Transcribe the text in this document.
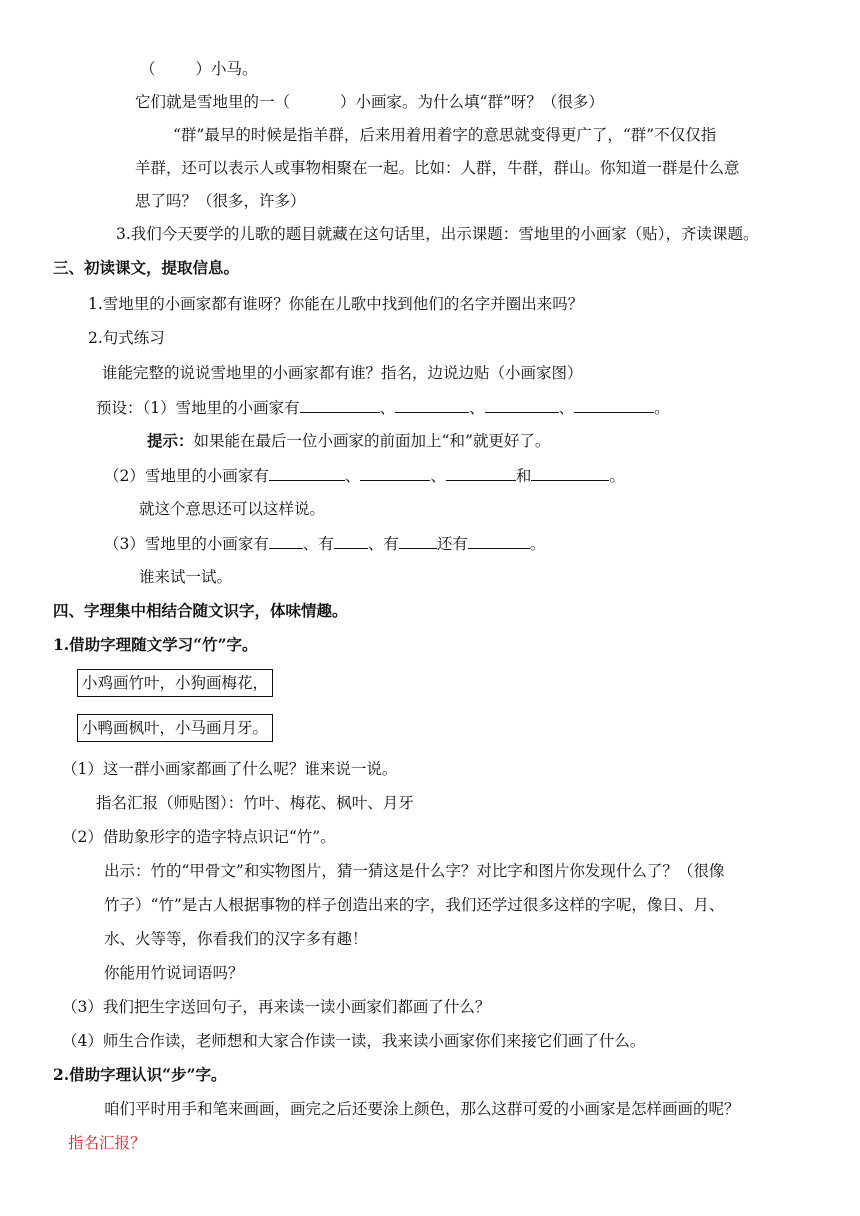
（	）小马。
它们就是雪地里的一（	）小画家。为什么填“群”呀？（很多）
“群”最早的时候是指羊群，后来用着用着字的意思就变得更广了，“群”不仅仅指
羊群，还可以表示人或事物相聚在一起。比如：人群，牛群，群山。你知道一群是什么意
思了吗？（很多，许多）
3.我们今天要学的儿歌的题目就藏在这句话里，出示课题：雪地里的小画家（贴），齐读课题。
三、初读课文，提取信息。
1.雪地里的小画家都有谁呀？你能在儿歌中找到他们的名字并圈出来吗？
2.句式练习
谁能完整的说说雪地里的小画家都有谁？指名，边说边贴（小画家图）
预设：（1）雪地里的小画家有	、	、	、	。
提示：如果能在最后一位小画家的前面加上“和”就更好了。
（2）雪地里的小画家有	、	、	和	。
就这个意思还可以这样说。
（3）雪地里的小画家有 、有 、有 还有	。
谁来试一试。
四、字理集中相结合随文识字，体味情趣。
1.借助字理随文学习“竹”字。
小鸡画竹叶，小狗画梅花，
小鸭画枫叶，小马画月牙。
（1）这一群小画家都画了什么呢？谁来说一说。
指名汇报（师贴图）：竹叶、梅花、枫叶、月牙
（2）借助象形字的造字特点识记“竹”。
出示：竹的“甲骨文”和实物图片，猜一猜这是什么字？对比字和图片你发现什么了？（很像
竹子）“竹”是古人根据事物的样子创造出来的字，我们还学过很多这样的字呢，像日、月、
水、火等等，你看我们的汉字多有趣！
你能用竹说词语吗？
（3）我们把生字送回句子，再来读一读小画家们都画了什么？
（4）师生合作读，老师想和大家合作读一读，我来读小画家你们来接它们画了什么。
2.借助字理认识“步”字。
咱们平时用手和笔来画画，画完之后还要涂上颜色，那么这群可爱的小画家是怎样画画的呢？
指名汇报？
